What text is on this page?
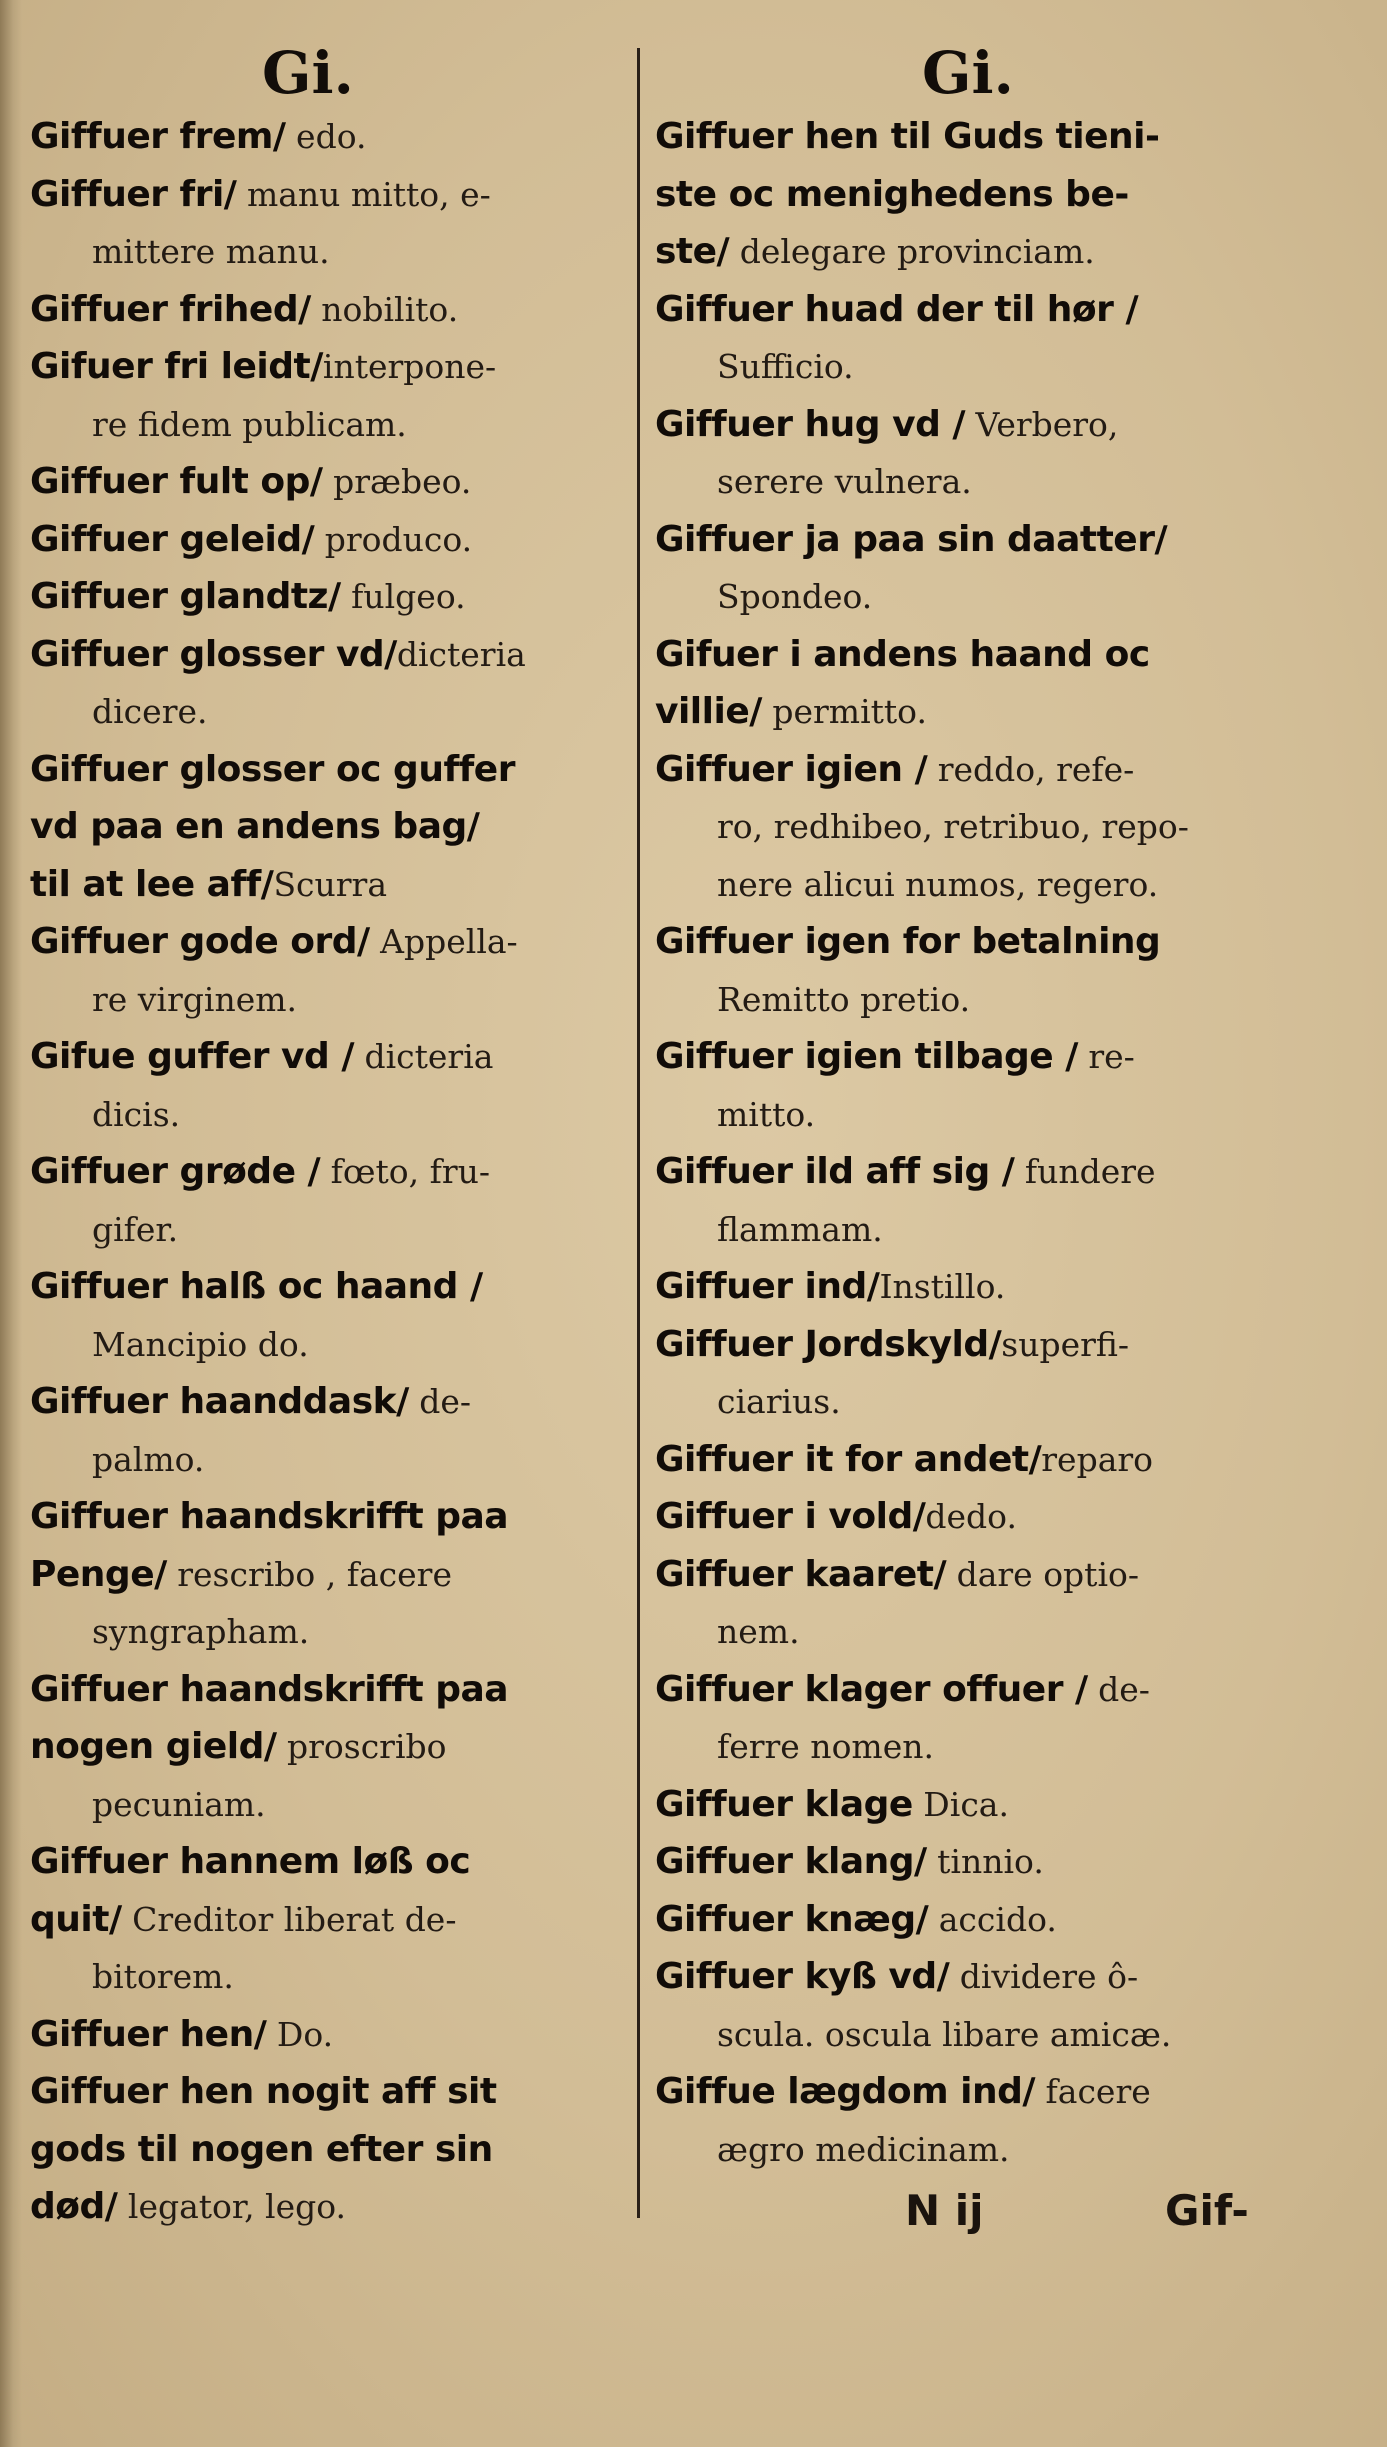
Gi.	Gi.
Giffuer frem/ edo.
Giffuer fri/ manu mitto, e-
mittere manu.
Giffuer frihed/ nobilito.
Gifuer fri leidt/interpone-
re fidem publicam.
Giffuer fult op/ præbeo.
Giffuer geleid/ produco.
Giffuer glandtz/ fulgeo.
Giffuer glosser vd/dicteria
dicere.
Giffuer glosser oc guffer
vd paa en andens bag/
til at lee aff/Scurra
Giffuer gode ord/ Appella-
re virginem.
Gifue guffer vd / dicteria
dicis.
Giffuer grøde / fœto, fru-
gifer.
Giffuer halß oc haand /
Mancipio do.
Giffuer haanddask/ de-
palmo.
Giffuer haandskrifft paa
Penge/ rescribo , facere
syngrapham.
Giffuer haandskrifft paa
nogen gield/ proscribo
pecuniam.
Giffuer hannem løß oc
quit/ Creditor liberat de-
bitorem.
Giffuer hen/ Do.
Giffuer hen nogit aff sit
gods til nogen efter sin
død/ legator, lego.
Giffuer hen til Guds tieni-
ste oc menighedens be-
ste/ delegare provinciam.
Giffuer huad der til hør /
Sufficio.
Giffuer hug vd / Verbero,
serere vulnera.
Giffuer ja paa sin daatter/
Spondeo.
Gifuer i andens haand oc
villie/ permitto.
Giffuer igien / reddo, refe-
ro, redhibeo, retribuo, repo-
nere alicui numos, regero.
Giffuer igen for betalning
Remitto pretio.
Giffuer igien tilbage / re-
mitto.
Giffuer ild aff sig / fundere
flammam.
Giffuer ind/Instillo.
Giffuer Jordskyld/superfi-
ciarius.
Giffuer it for andet/reparo
Giffuer i vold/dedo.
Giffuer kaaret/ dare optio-
nem.
Giffuer klager offuer / de-
ferre nomen.
Giffuer klage Dica.
Giffuer klang/ tinnio.
Giffuer knæg/ accido.
Giffuer kyß vd/ dividere ô-
scula. oscula libare amicæ.
Giffue lægdom ind/ facere
ægro medicinam.
N ij	Gif-
